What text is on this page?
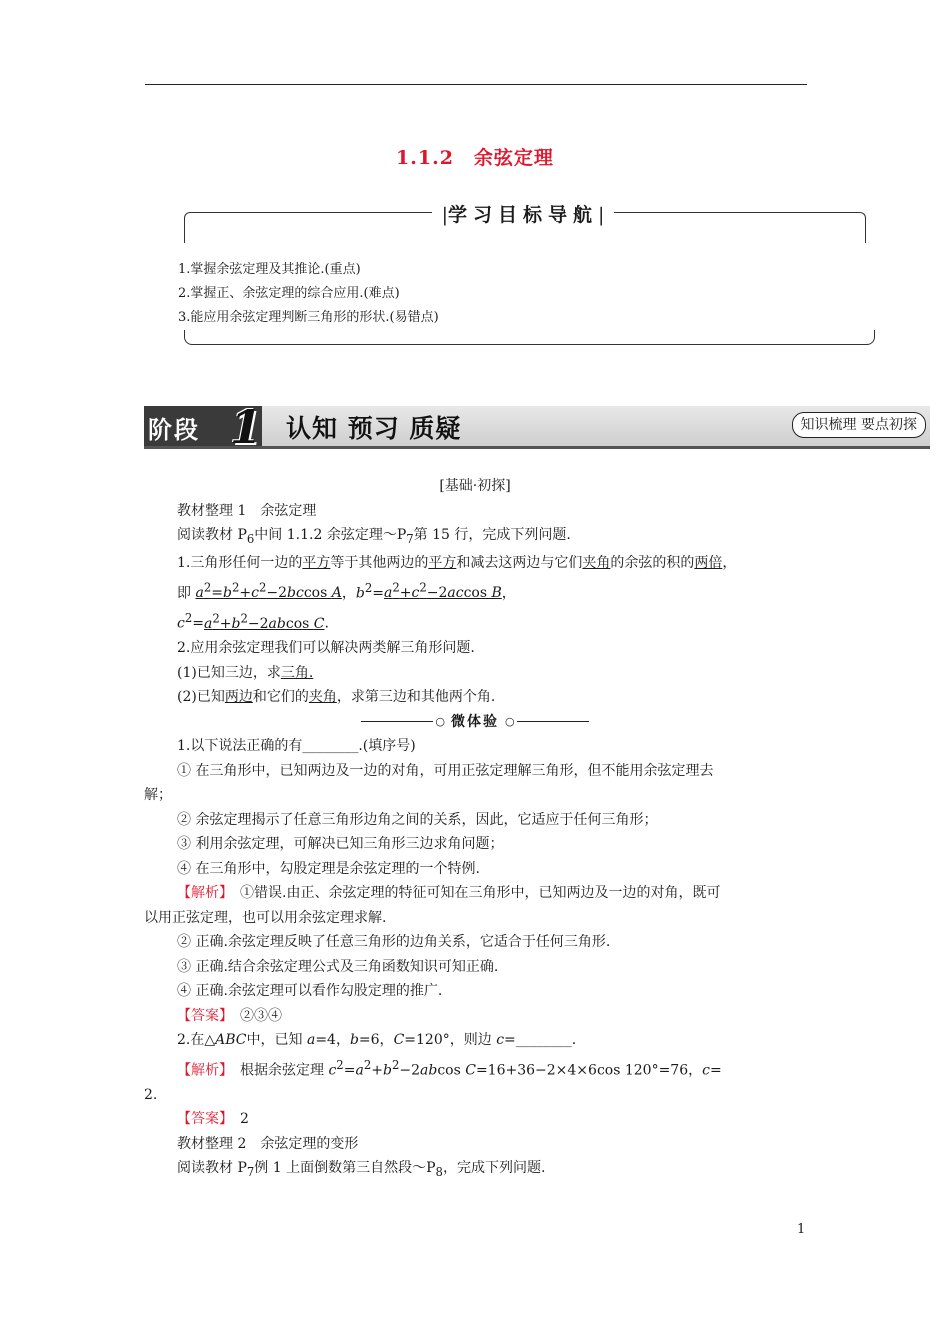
1.1.2　余弦定理
|学习目标导航|
1.掌握余弦定理及其推论.(重点)
2.掌握正、余弦定理的综合应用.(难点)
3.能应用余弦定理判断三角形的形状.(易错点)
阶段 1 认知 预习 质疑	知识梳理 要点初探

[基础·初探]

教材整理 1　余弦定理

阅读教材 $P_6$中间 1.1.2 余弦定理$\sim P_7$第 15 行，完成下列问题.

1.三角形任何一边的平方等于其他两边的平方和减去这两边与它们夹角的余弦的积的两倍，

即 $a^2=b^2+c^2-2bccos$ A，$b^2=a^2+c^2-2accos$ B，

$c^2=a^2+b^2-2abcos$ C.

2.应用余弦定理我们可以解决两类解三角形问题.

(1)已知三边，求三角.

(2)已知两边和它们的夹角，求第三边和其他两个角.

○ 微体验 ○

1.以下说法正确的有________.(填序号)

① 在三角形中，已知两边及一边的对角，可用正弦定理解三角形，但不能用余弦定理去

解；

② 余弦定理揭示了任意三角形边角之间的关系，因此，它适应于任何三角形；

③ 利用余弦定理，可解决已知三角形三边求角问题；

④ 在三角形中，勾股定理是余弦定理的一个特例.

【解析】　①错误.由正、余弦定理的特征可知在三角形中，已知两边及一边的对角，既可

以用正弦定理，也可以用余弦定理求解.

② 正确.余弦定理反映了任意三角形的边角关系，它适合于任何三角形.

③ 正确.结合余弦定理公式及三角函数知识可知正确.

④ 正确.余弦定理可以看作勾股定理的推广.

【答案】　②③④

2.在△ABC中，已知 a=4，b=6，C=120°，则边 c=________.

【解析】　根据余弦定理 $c^2=a^2+b^2-2abcos$ C=16+36−2×4×6cos 120°=76，c=

2.

【答案】　2

教材整理 2　余弦定理的变形

阅读教材 $P_7$例 1 上面倒数第三自然段$\sim P_8$，完成下列问题.

1
